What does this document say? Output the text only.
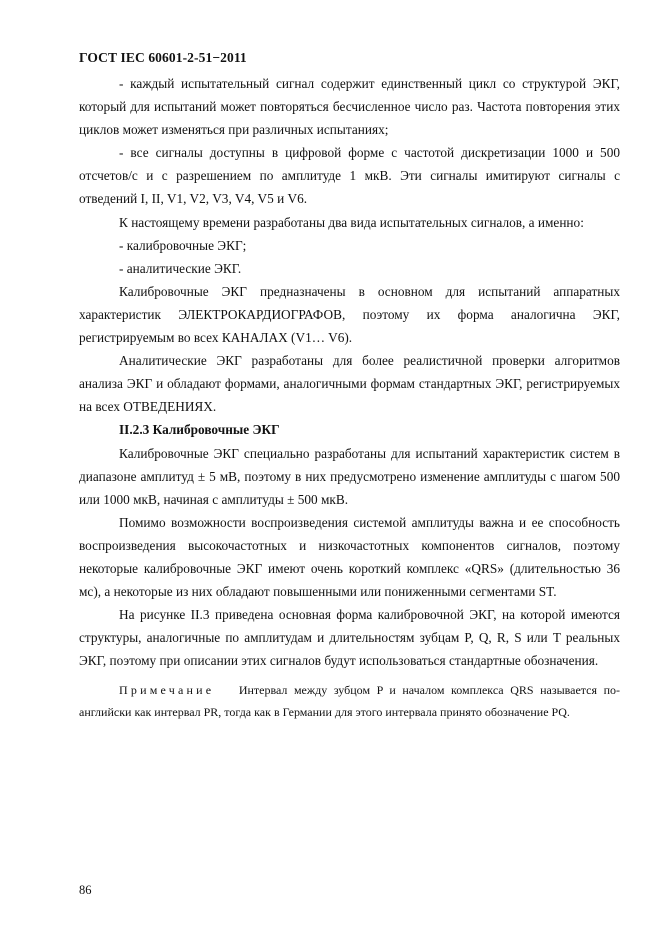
ГОСТ IEC 60601-2-51−2011

- каждый испытательный сигнал содержит единственный цикл со структурой ЭКГ, который для испытаний может повторяться бесчисленное число раз. Частота повторения этих циклов может изменяться при различных испытаниях;

- все сигналы доступны в цифровой форме с частотой дискретизации 1000 и 500 отсчетов/с и с разрешением по амплитуде 1 мкВ. Эти сигналы имитируют сигналы с отведений I, II, V1, V2, V3, V4, V5 и V6.

К настоящему времени разработаны два вида испытательных сигналов, а именно:

- калибровочные ЭКГ;

- аналитические ЭКГ.

Калибровочные ЭКГ предназначены в основном для испытаний аппаратных характеристик ЭЛЕКТРОКАРДИОГРАФОВ, поэтому их форма аналогична ЭКГ, регистрируемым во всех КАНАЛАХ (V1… V6).

Аналитические ЭКГ разработаны для более реалистичной проверки алгоритмов анализа ЭКГ и обладают формами, аналогичными формам стандартных ЭКГ, регистрируемых на всех ОТВЕДЕНИЯХ.

II.2.3 Калибровочные ЭКГ

Калибровочные ЭКГ специально разработаны для испытаний характеристик систем в диапазоне амплитуд ± 5 мВ, поэтому в них предусмотрено изменение амплитуды с шагом 500 или 1000 мкВ, начиная с амплитуды ± 500 мкВ.

Помимо возможности воспроизведения системой амплитуды важна и ее способность воспроизведения высокочастотных и низкочастотных компонентов сигналов, поэтому некоторые калибровочные ЭКГ имеют очень короткий комплекс «QRS» (длительностью 36 мс), а некоторые из них обладают повышенными или пониженными сегментами ST.

На рисунке II.3 приведена основная форма калибровочной ЭКГ, на которой имеются структуры, аналогичные по амплитудам и длительностям зубцам P, Q, R, S или T реальных ЭКГ, поэтому при описании этих сигналов будут использоваться стандартные обозначения.

Примечание Интервал между зубцом P и началом комплекса QRS называется по-английски как интервал PR, тогда как в Германии для этого интервала принято обозначение PQ.
86
